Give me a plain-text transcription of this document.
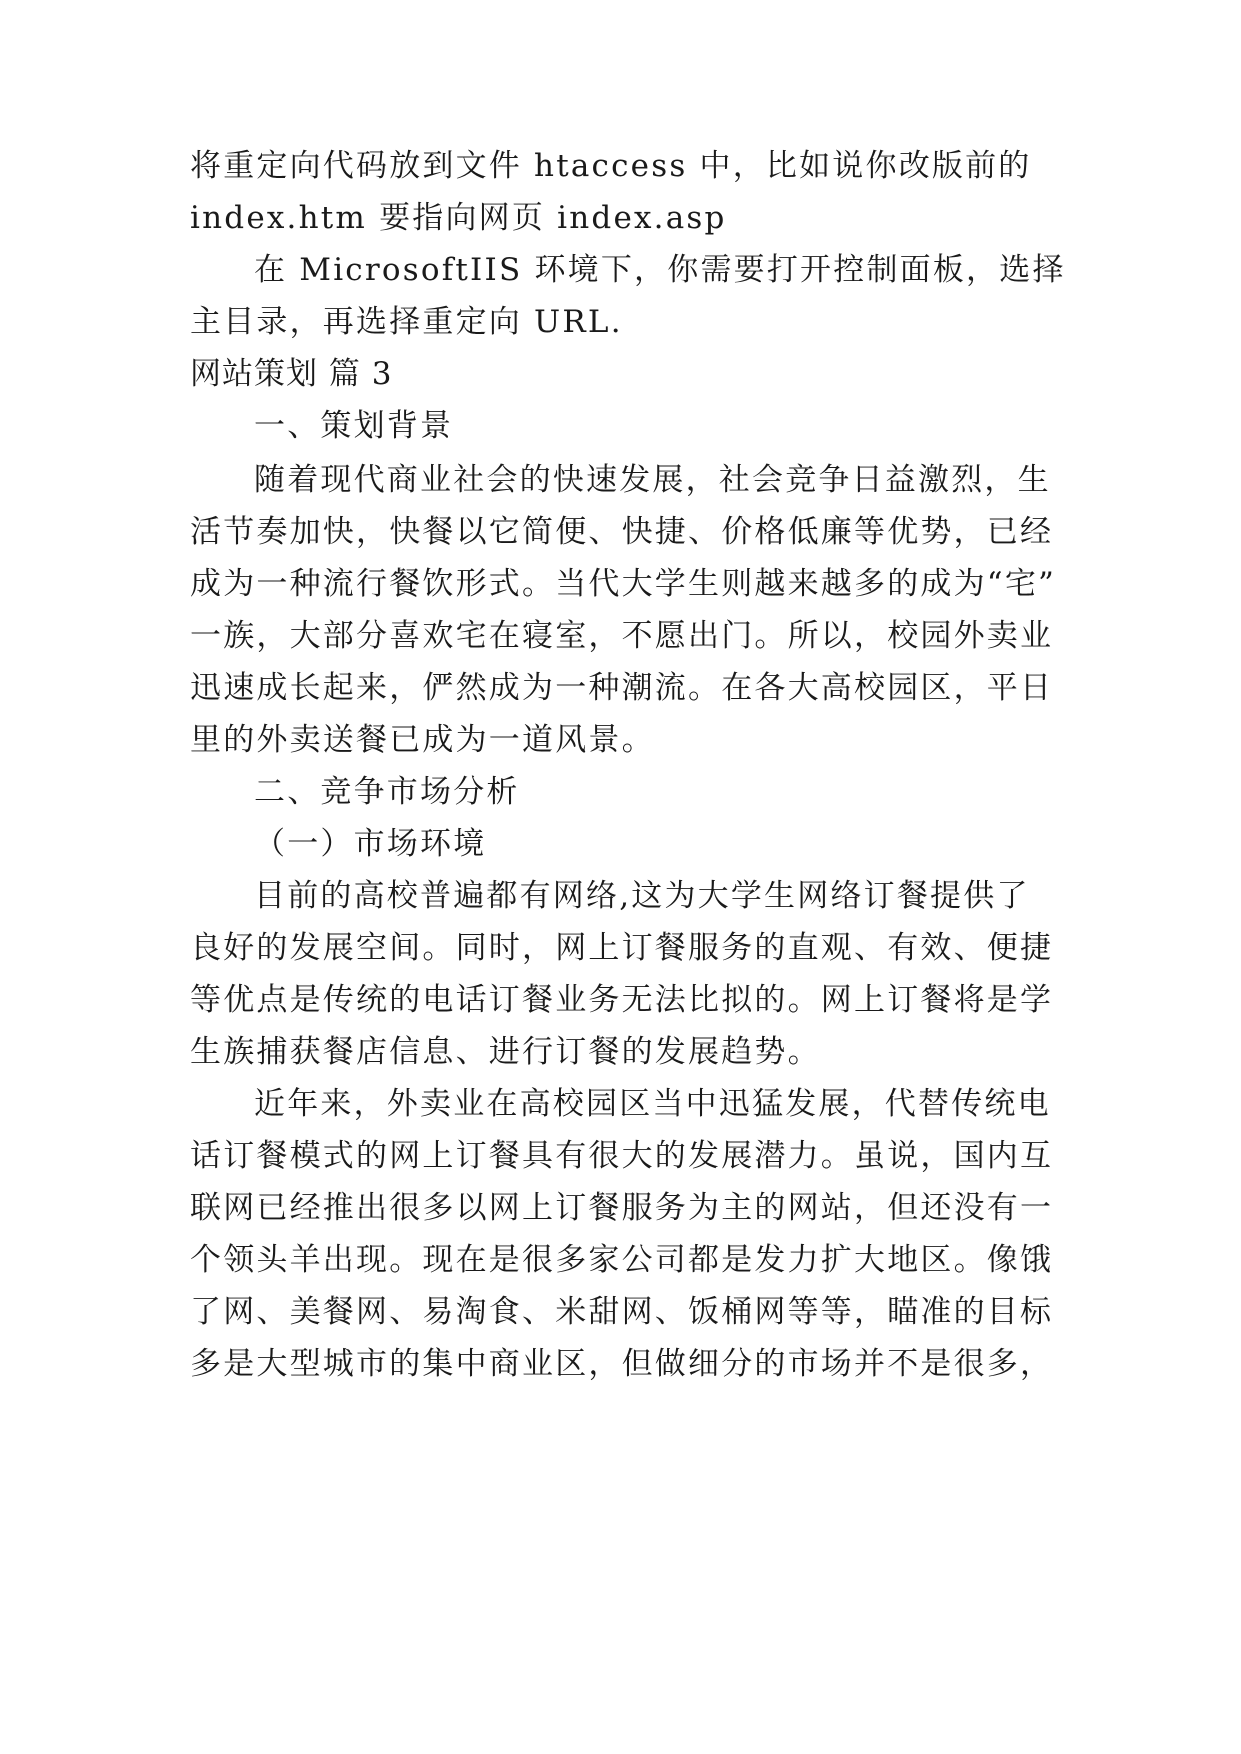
将重定向代码放到文件 htaccess 中，比如说你改版前的
index.htm 要指向网页 index.asp
在 MicrosoftIIS 环境下，你需要打开控制面板，选择
主目录，再选择重定向 URL.
网站策划 篇 3
一、策划背景
随着现代商业社会的快速发展，社会竞争日益激烈，生
活节奏加快，快餐以它简便、快捷、价格低廉等优势，已经
成为一种流行餐饮形式。当代大学生则越来越多的成为“宅”
一族，大部分喜欢宅在寝室，不愿出门。所以，校园外卖业
迅速成长起来，俨然成为一种潮流。在各大高校园区，平日
里的外卖送餐已成为一道风景。
二、竞争市场分析
（一）市场环境
目前的高校普遍都有网络,这为大学生网络订餐提供了
良好的发展空间。同时，网上订餐服务的直观、有效、便捷
等优点是传统的电话订餐业务无法比拟的。网上订餐将是学
生族捕获餐店信息、进行订餐的发展趋势。
近年来，外卖业在高校园区当中迅猛发展，代替传统电
话订餐模式的网上订餐具有很大的发展潜力。虽说，国内互
联网已经推出很多以网上订餐服务为主的网站，但还没有一
个领头羊出现。现在是很多家公司都是发力扩大地区。像饿
了网、美餐网、易淘食、米甜网、饭桶网等等，瞄准的目标
多是大型城市的集中商业区，但做细分的市场并不是很多，
